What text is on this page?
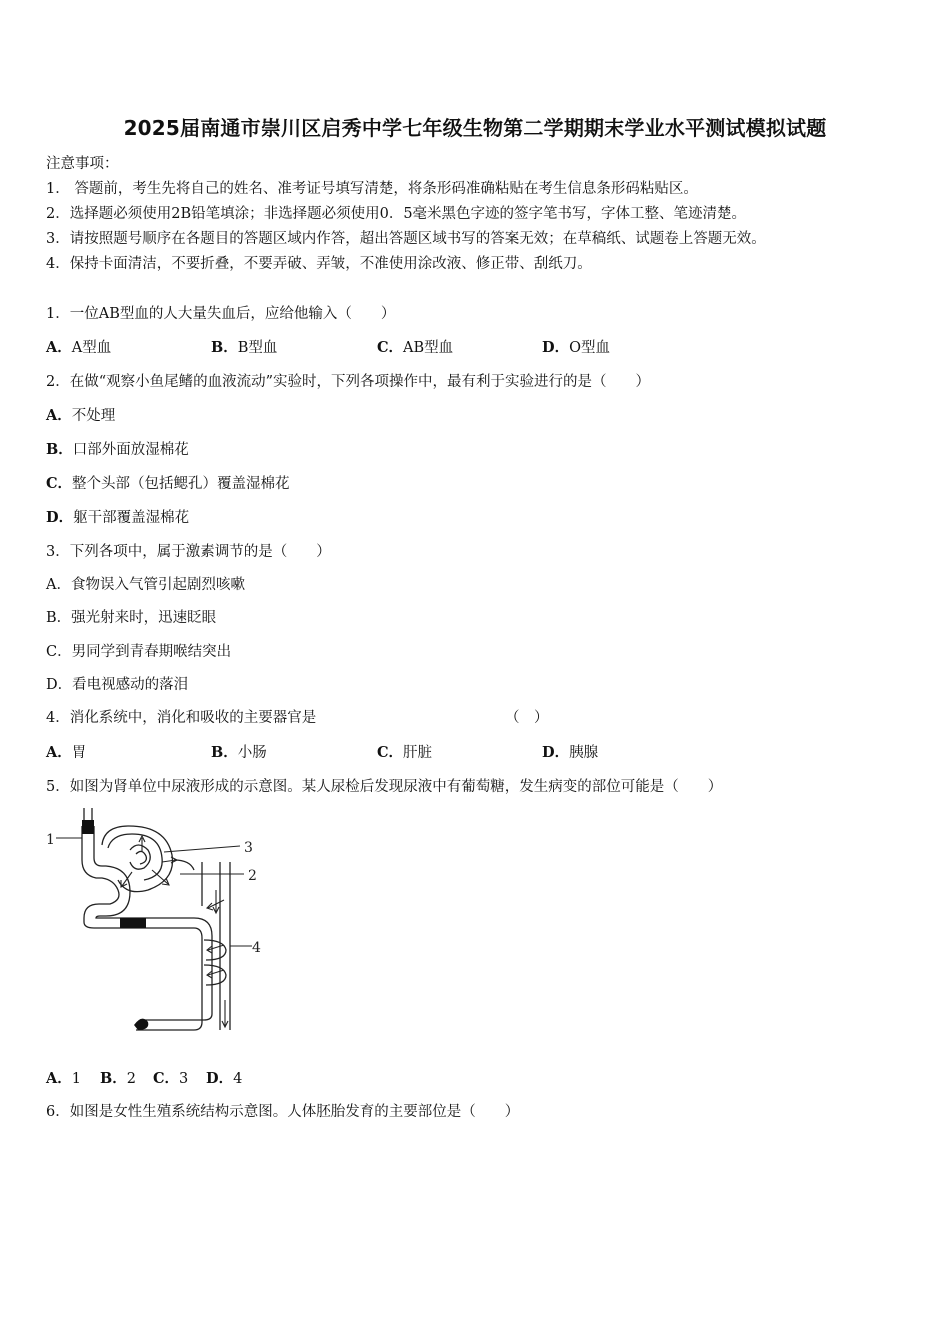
2025届南通市崇川区启秀中学七年级生物第二学期期末学业水平测试模拟试题
注意事项：
1． 答题前，考生先将自己的姓名、准考证号填写清楚，将条形码准确粘贴在考生信息条形码粘贴区。
2．选择题必须使用2B铅笔填涂；非选择题必须使用0．5毫米黑色字迹的签字笔书写，字体工整、笔迹清楚。
3．请按照题号顺序在各题目的答题区域内作答，超出答题区域书写的答案无效；在草稿纸、试题卷上答题无效。
4．保持卡面清洁，不要折叠，不要弄破、弄皱，不准使用涂改液、修正带、刮纸刀。
1．一位AB型血的人大量失血后，应给他输入（　　）
A．A型血	B．B型血	C．AB型血	D．O型血
2．在做“观察小鱼尾鳍的血液流动”实验时，下列各项操作中，最有利于实验进行的是（　　）
A．不处理
B．口部外面放湿棉花
C．整个头部（包括鳃孔）覆盖湿棉花
D．躯干部覆盖湿棉花
3．下列各项中，属于激素调节的是（　　）
A．食物误入气管引起剧烈咳嗽
B．强光射来时，迅速眨眼
C．男同学到青春期喉结突出
D．看电视感动的落泪
4．消化系统中，消化和吸收的主要器官是	（　）
A．胃	B．小肠	C．肝脏	D．胰腺
5．如图为肾单位中尿液形成的示意图。某人尿检后发现尿液中有葡萄糖，发生病变的部位可能是（　　）
1
2
3
4
A．1 B．2 C．3 D．4
6．如图是女性生殖系统结构示意图。人体胚胎发育的主要部位是（　　）
